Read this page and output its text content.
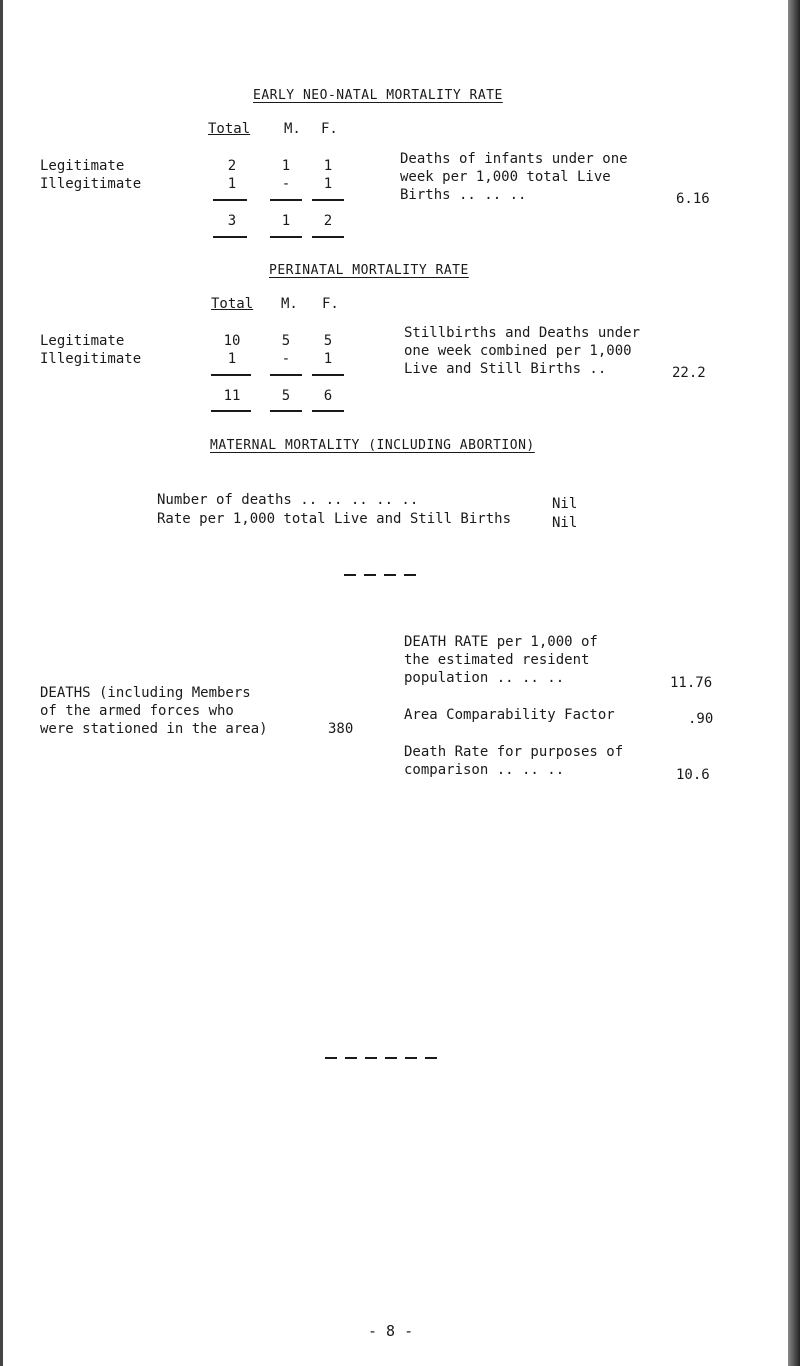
EARLY NEO-NATAL MORTALITY RATE
Total M. F.
Legitimate	2	1	1
Illegitimate	1	-	1
3	1	2
Deaths of infants under one
week per 1,000 total Live
Births .. .. ..	6.16
PERINATAL MORTALITY RATE
Total M. F.
Legitimate	10	5	5
Illegitimate	1	-	1
11	5	6
Stillbirths and Deaths under
one week combined per 1,000
Live and Still Births ..	22.2
MATERNAL MORTALITY (INCLUDING ABORTION)
Number of deaths .. .. .. .. ..	Nil
Rate per 1,000 total Live and Still Births	Nil
DEATHS (including Members
of the armed forces who
were stationed in the area)	380
DEATH RATE per 1,000 of
the estimated resident
population .. .. ..	11.76
Area Comparability Factor	.90
Death Rate for purposes of
comparison .. .. ..	10.6
- 8 -
